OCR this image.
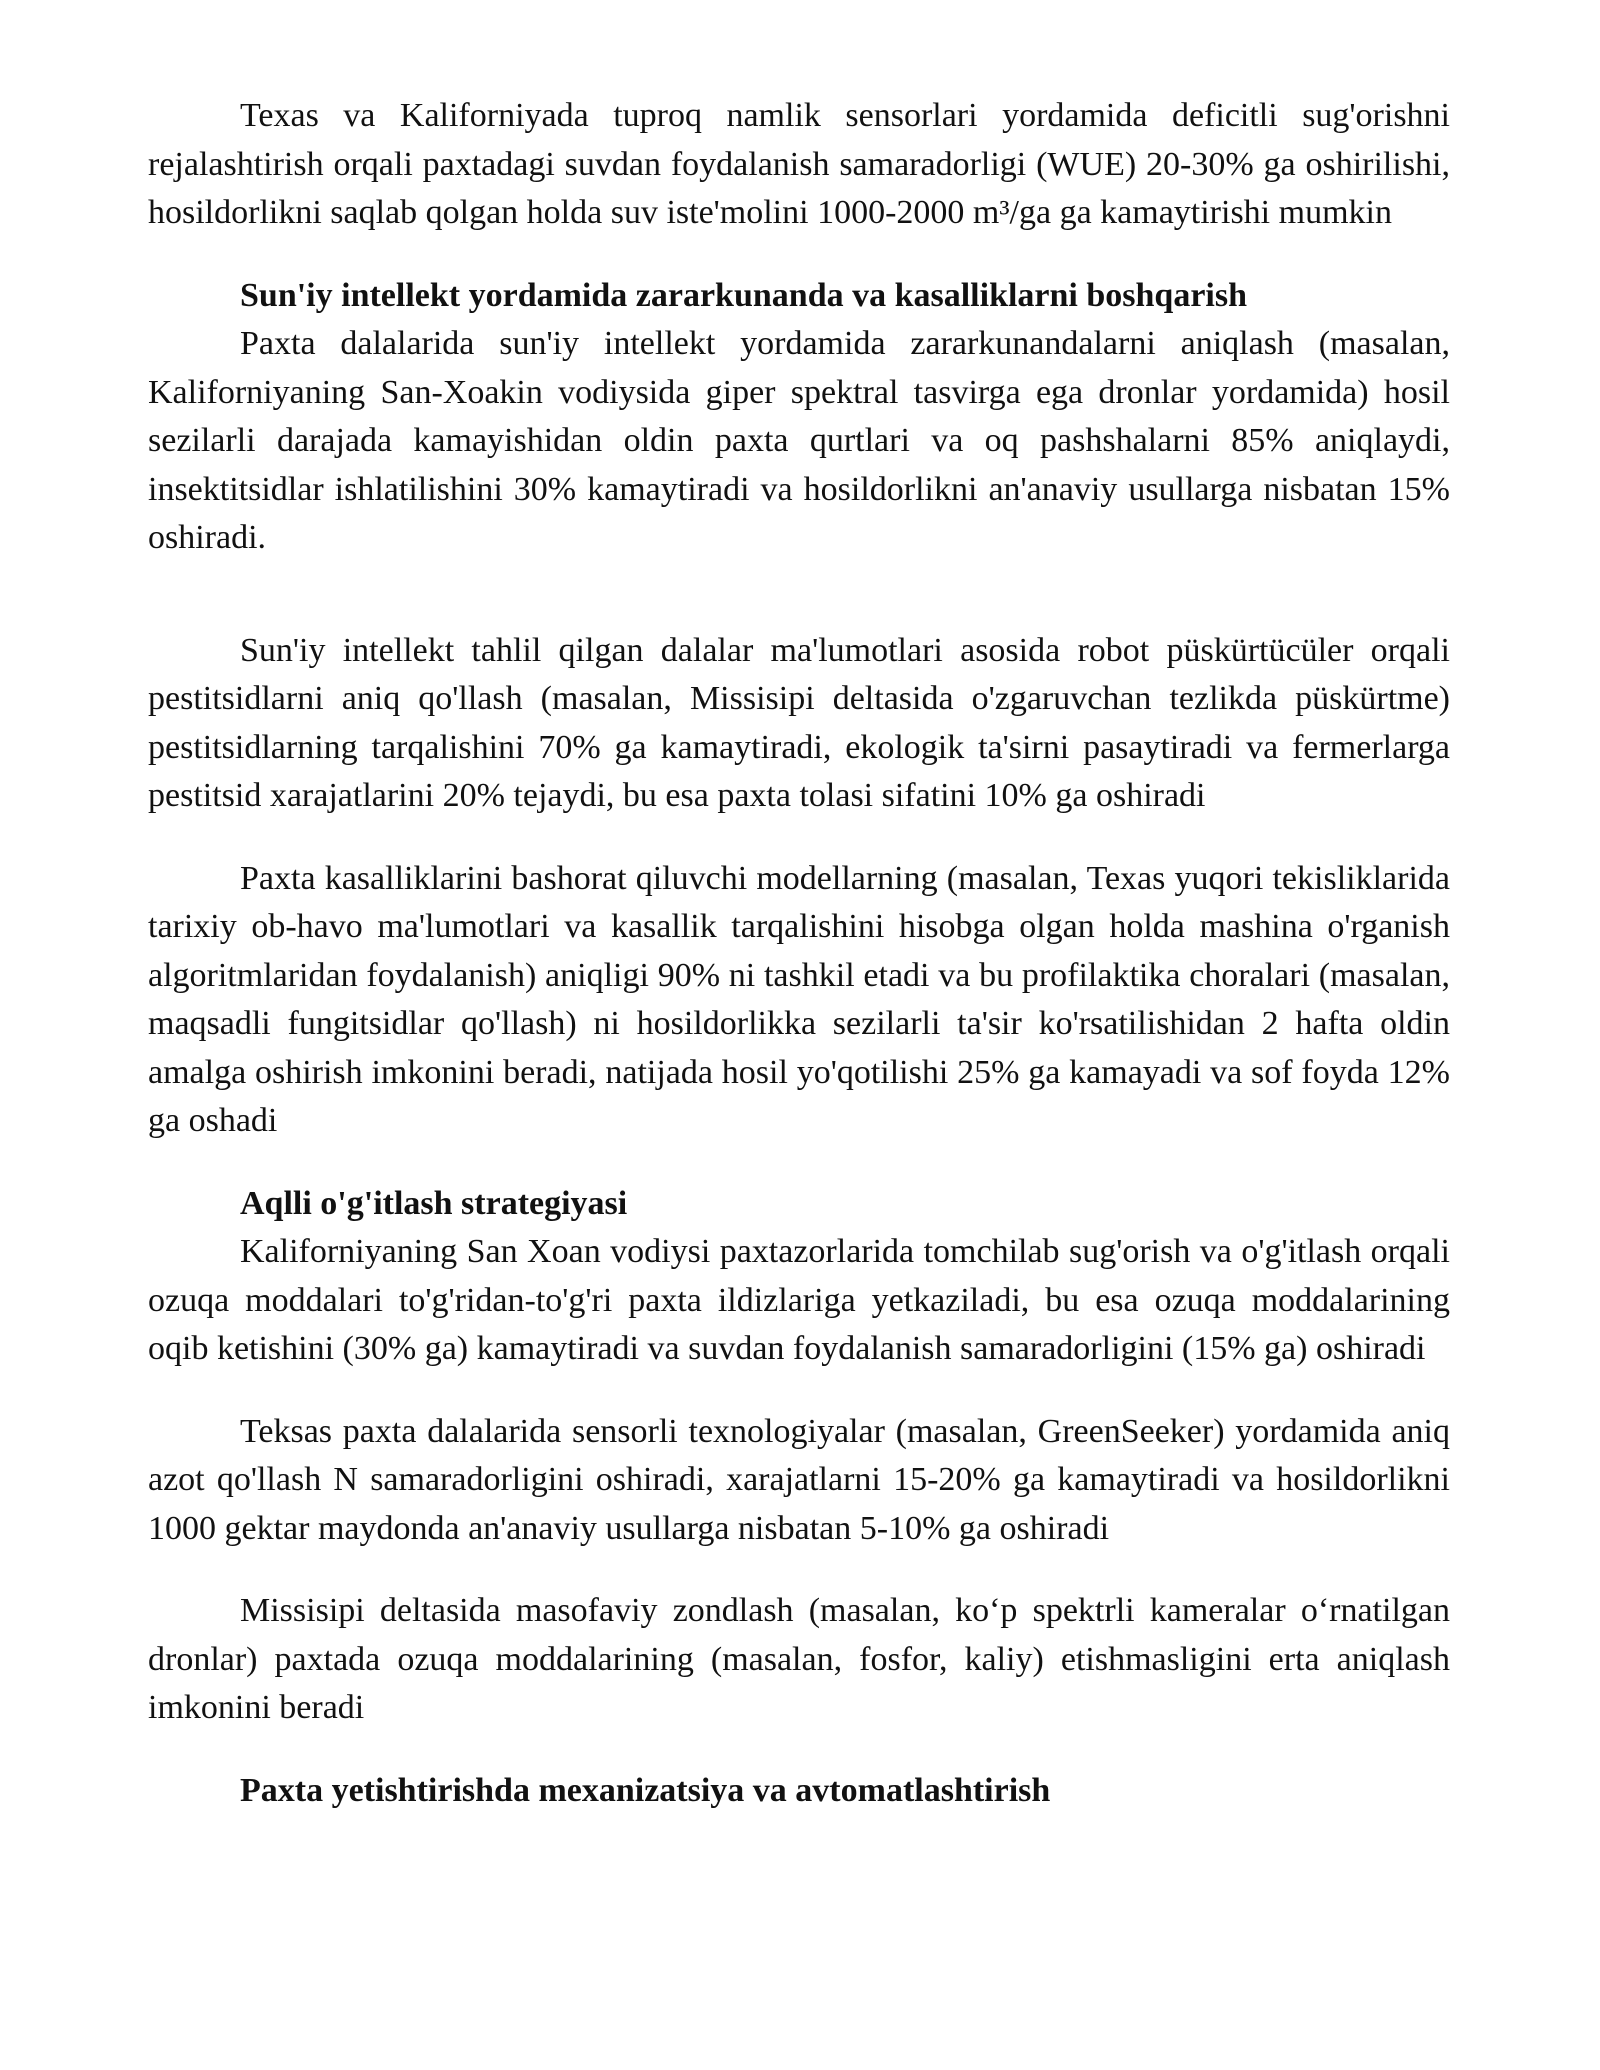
Texas va Kaliforniyada tuproq namlik sensorlari yordamida deficitli sug'orishni rejalashtirish orqali paxtadagi suvdan foydalanish samaradorligi (WUE) 20-30% ga oshirilishi, hosildorlikni saqlab qolgan holda suv iste'molini 1000-2000 m³/ga ga kamaytirishi mumkin

Sun'iy intellekt yordamida zararkunanda va kasalliklarni boshqarish

Paxta dalalarida sun'iy intellekt yordamida zararkunandalarni aniqlash (masalan, Kaliforniyaning San-Xoakin vodiysida giper spektral tasvirga ega dronlar yordamida) hosil sezilarli darajada kamayishidan oldin paxta qurtlari va oq pashshalarni 85% aniqlaydi, insektitsidlar ishlatilishini 30% kamaytiradi va hosildorlikni an'anaviy usullarga nisbatan 15% oshiradi.

Sun'iy intellekt tahlil qilgan dalalar ma'lumotlari asosida robot püskürtücüler orqali pestitsidlarni aniq qo'llash (masalan, Missisipi deltasida o'zgaruvchan tezlikda püskürtme) pestitsidlarning tarqalishini 70% ga kamaytiradi, ekologik ta'sirni pasaytiradi va fermerlarga pestitsid xarajatlarini 20% tejaydi, bu esa paxta tolasi sifatini 10% ga oshiradi

Paxta kasalliklarini bashorat qiluvchi modellarning (masalan, Texas yuqori tekisliklarida tarixiy ob-havo ma'lumotlari va kasallik tarqalishini hisobga olgan holda mashina o'rganish algoritmlaridan foydalanish) aniqligi 90% ni tashkil etadi va bu profilaktika choralari (masalan, maqsadli fungitsidlar qo'llash) ni hosildorlikka sezilarli ta'sir ko'rsatilishidan 2 hafta oldin amalga oshirish imkonini beradi, natijada hosil yo'qotilishi 25% ga kamayadi va sof foyda 12% ga oshadi

Aqlli o'g'itlash strategiyasi

Kaliforniyaning San Xoan vodiysi paxtazorlarida tomchilab sug'orish va o'g'itlash orqali ozuqa moddalari to'g'ridan-to'g'ri paxta ildizlariga yetkaziladi, bu esa ozuqa moddalarining oqib ketishini (30% ga) kamaytiradi va suvdan foydalanish samaradorligini (15% ga) oshiradi

Teksas paxta dalalarida sensorli texnologiyalar (masalan, GreenSeeker) yordamida aniq azot qo'llash N samaradorligini oshiradi, xarajatlarni 15-20% ga kamaytiradi va hosildorlikni 1000 gektar maydonda an'anaviy usullarga nisbatan 5-10% ga oshiradi

Missisipi deltasida masofaviy zondlash (masalan, koʻp spektrli kameralar oʻrnatilgan dronlar) paxtada ozuqa moddalarining (masalan, fosfor, kaliy) etishmasligini erta aniqlash imkonini beradi

Paxta yetishtirishda mexanizatsiya va avtomatlashtirish
